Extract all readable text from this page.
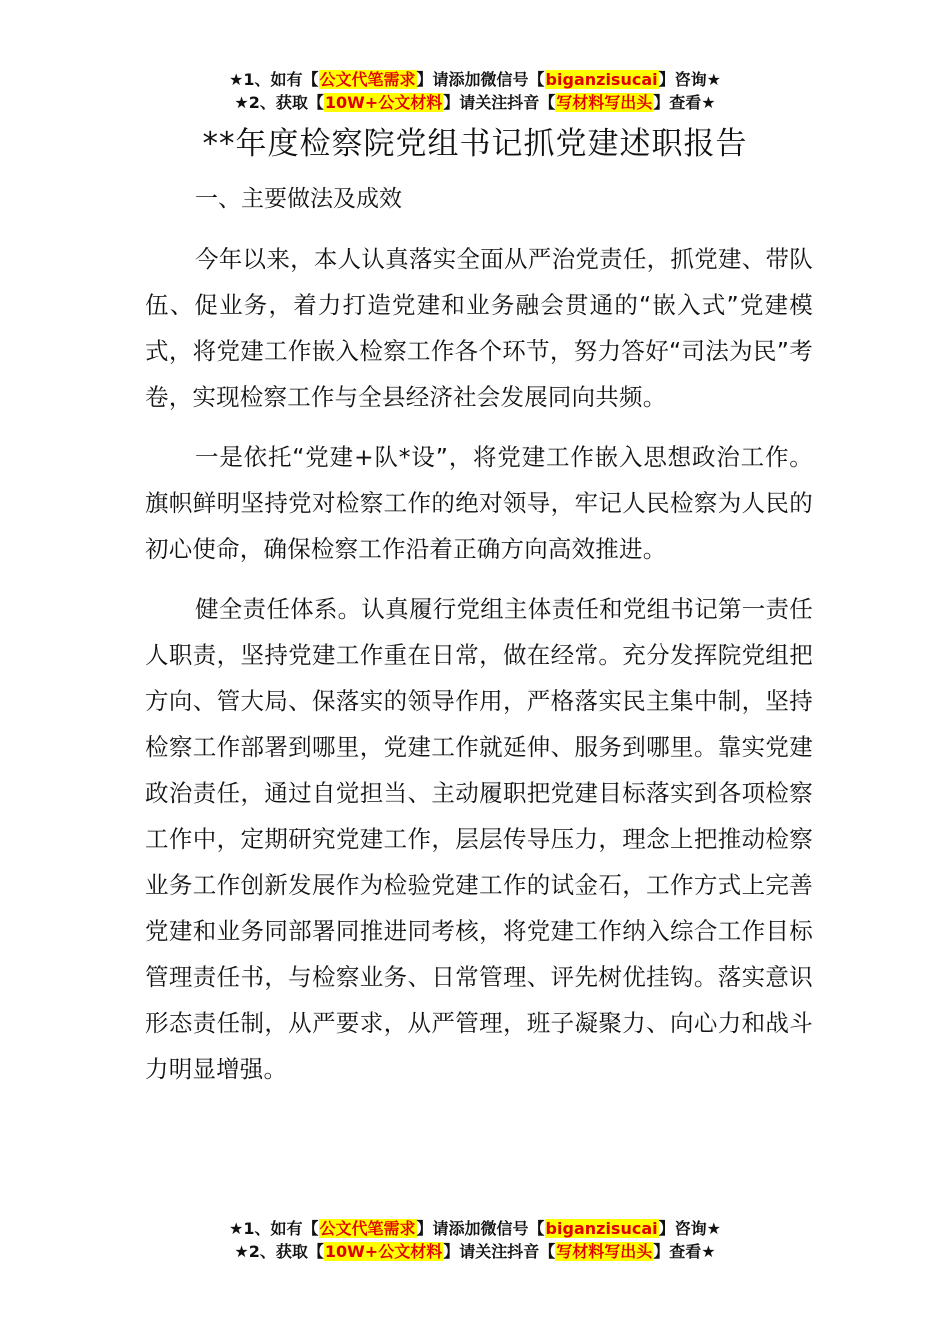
★1、如有【公文代笔需求】请添加微信号【biganzisucai】咨询★
★2、获取【10W+公文材料】请关注抖音【写材料写出头】查看★
**年度检察院党组书记抓党建述职报告

一、主要做法及成效

今年以来，本人认真落实全面从严治党责任，抓党建、带队伍、促业务，着力打造党建和业务融会贯通的“嵌入式”党建模式，将党建工作嵌入检察工作各个环节，努力答好“司法为民”考卷，实现检察工作与全县经济社会发展同向共频。

一是依托“党建+队*设”，将党建工作嵌入思想政治工作。旗帜鲜明坚持党对检察工作的绝对领导，牢记人民检察为人民的初心使命，确保检察工作沿着正确方向高效推进。

健全责任体系。认真履行党组主体责任和党组书记第一责任人职责，坚持党建工作重在日常，做在经常。充分发挥院党组把方向、管大局、保落实的领导作用，严格落实民主集中制，坚持检察工作部署到哪里，党建工作就延伸、服务到哪里。靠实党建政治责任，通过自觉担当、主动履职把党建目标落实到各项检察工作中，定期研究党建工作，层层传导压力，理念上把推动检察业务工作创新发展作为检验党建工作的试金石，工作方式上完善党建和业务同部署同推进同考核，将党建工作纳入综合工作目标管理责任书，与检察业务、日常管理、评先树优挂钩。落实意识形态责任制，从严要求，从严管理，班子凝聚力、向心力和战斗力明显增强。

★1、如有【公文代笔需求】请添加微信号【biganzisucai】咨询★
★2、获取【10W+公文材料】请关注抖音【写材料写出头】查看★
